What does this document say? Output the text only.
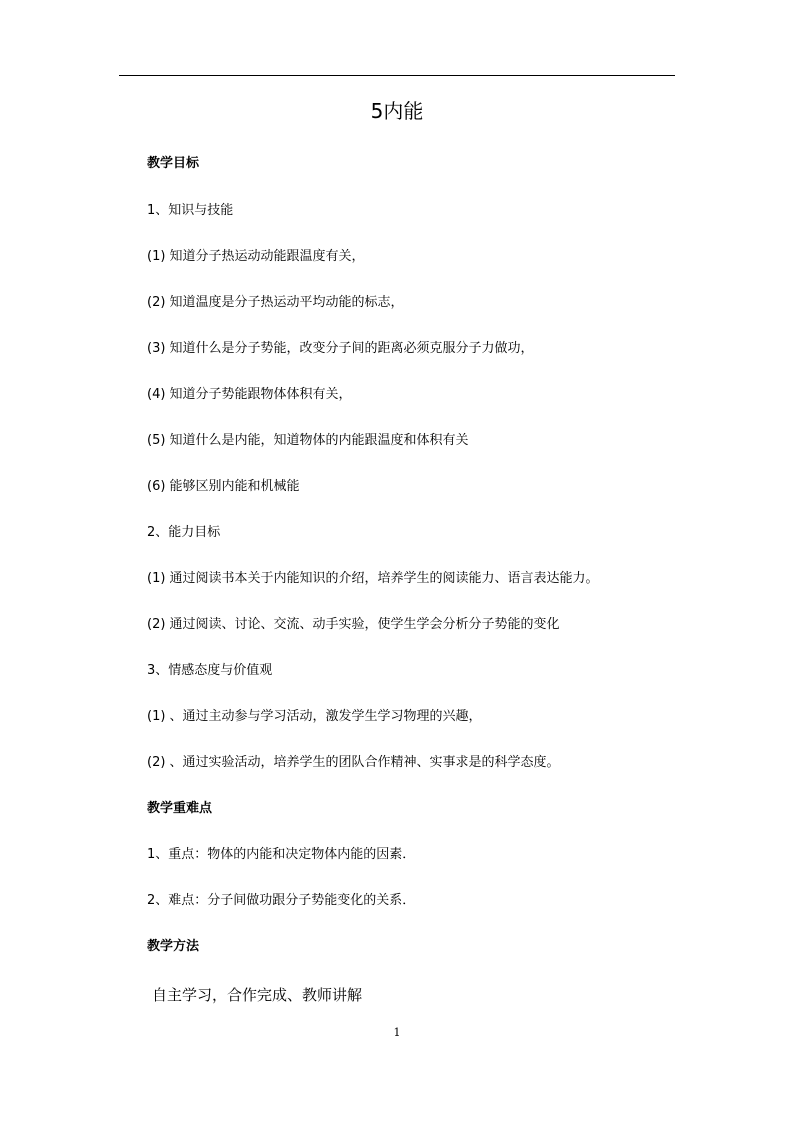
5内能
教学目标
1、知识与技能
(1) 知道分子热运动动能跟温度有关，
(2) 知道温度是分子热运动平均动能的标志，
(3) 知道什么是分子势能，改变分子间的距离必须克服分子力做功，
(4) 知道分子势能跟物体体积有关，
(5) 知道什么是内能，知道物体的内能跟温度和体积有关
(6) 能够区别内能和机械能
2、能力目标
(1) 通过阅读书本关于内能知识的介绍，培养学生的阅读能力、语言表达能力。
(2) 通过阅读、讨论、交流、动手实验，使学生学会分析分子势能的变化
3、情感态度与价值观
(1) 、通过主动参与学习活动，激发学生学习物理的兴趣，
(2) 、通过实验活动，培养学生的团队合作精神、实事求是的科学态度。
教学重难点
1、重点：物体的内能和决定物体内能的因素．
2、难点：分子间做功跟分子势能变化的关系．
教学方法
自主学习，合作完成、教师讲解
1
